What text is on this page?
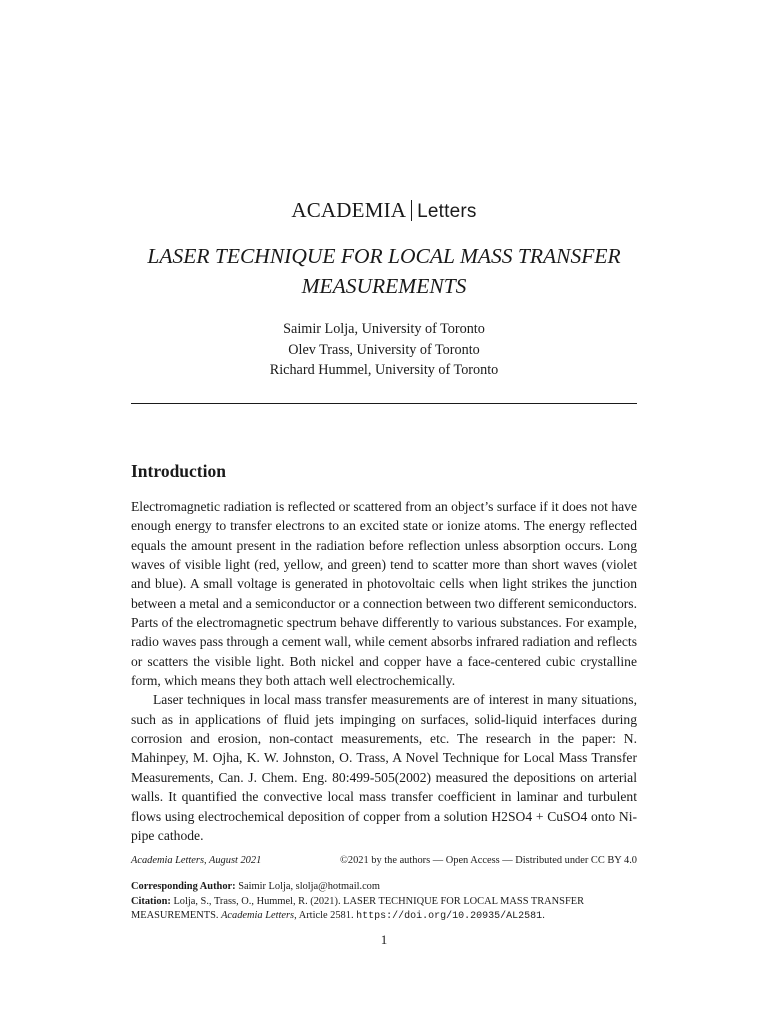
ACADEMIA Letters
LASER TECHNIQUE FOR LOCAL MASS TRANSFER
MEASUREMENTS
Saimir Lolja, University of Toronto
Olev Trass, University of Toronto
Richard Hummel, University of Toronto
Introduction

Electromagnetic radiation is reflected or scattered from an object’s surface if it does not have enough energy to transfer electrons to an excited state or ionize atoms. The energy reflected equals the amount present in the radiation before reflection unless absorption occurs. Long waves of visible light (red, yellow, and green) tend to scatter more than short waves (violet and blue). A small voltage is generated in photovoltaic cells when light strikes the junction between a metal and a semiconductor or a connection between two different semiconductors. Parts of the electromagnetic spectrum behave differently to various substances. For example, radio waves pass through a cement wall, while cement absorbs infrared radiation and reflects or scatters the visible light. Both nickel and copper have a face-centered cubic crystalline form, which means they both attach well electrochemically.

Laser techniques in local mass transfer measurements are of interest in many situations, such as in applications of fluid jets impinging on surfaces, solid-liquid interfaces during corrosion and erosion, non-contact measurements, etc. The research in the paper: N. Mahinpey, M. Ojha, K. W. Johnston, O. Trass, A Novel Technique for Local Mass Transfer Measurements, Can. J. Chem. Eng. 80:499-505(2002) measured the depositions on arterial walls. It quantified the convective local mass transfer coefficient in laminar and turbulent flows using electrochemical deposition of copper from a solution H2SO4 + CuSO4 onto Ni-pipe cathode.

Academia Letters, August 2021	©2021 by the authors — Open Access — Distributed under CC BY 4.0
Corresponding Author: Saimir Lolja, slolja@hotmail.com
Citation: Lolja, S., Trass, O., Hummel, R. (2021). LASER TECHNIQUE FOR LOCAL MASS TRANSFER MEASUREMENTS. Academia Letters, Article 2581. https://doi.org/10.20935/AL2581.
1
